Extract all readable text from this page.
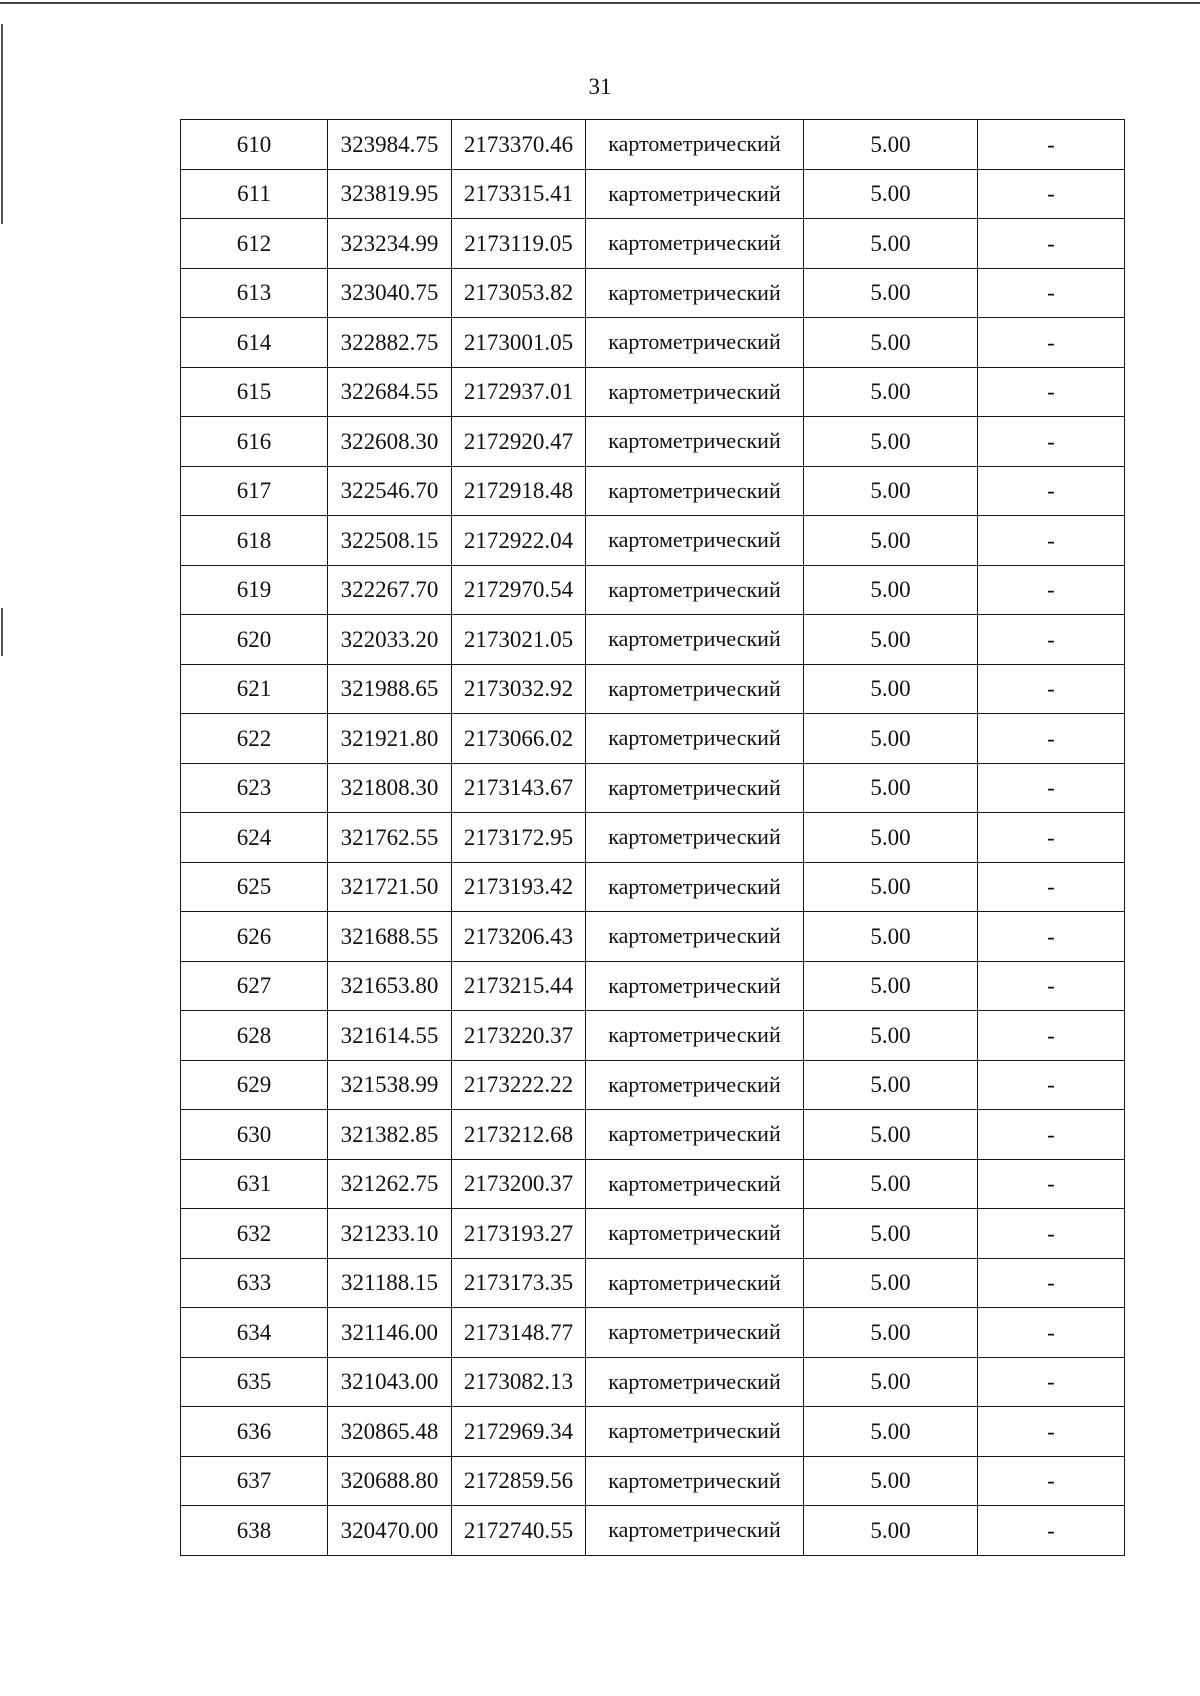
31
610	323984.75	2173370.46	картометрический	5.00	-
611	323819.95	2173315.41	картометрический	5.00	-
612	323234.99	2173119.05	картометрический	5.00	-
613	323040.75	2173053.82	картометрический	5.00	-
614	322882.75	2173001.05	картометрический	5.00	-
615	322684.55	2172937.01	картометрический	5.00	-
616	322608.30	2172920.47	картометрический	5.00	-
617	322546.70	2172918.48	картометрический	5.00	-
618	322508.15	2172922.04	картометрический	5.00	-
619	322267.70	2172970.54	картометрический	5.00	-
620	322033.20	2173021.05	картометрический	5.00	-
621	321988.65	2173032.92	картометрический	5.00	-
622	321921.80	2173066.02	картометрический	5.00	-
623	321808.30	2173143.67	картометрический	5.00	-
624	321762.55	2173172.95	картометрический	5.00	-
625	321721.50	2173193.42	картометрический	5.00	-
626	321688.55	2173206.43	картометрический	5.00	-
627	321653.80	2173215.44	картометрический	5.00	-
628	321614.55	2173220.37	картометрический	5.00	-
629	321538.99	2173222.22	картометрический	5.00	-
630	321382.85	2173212.68	картометрический	5.00	-
631	321262.75	2173200.37	картометрический	5.00	-
632	321233.10	2173193.27	картометрический	5.00	-
633	321188.15	2173173.35	картометрический	5.00	-
634	321146.00	2173148.77	картометрический	5.00	-
635	321043.00	2173082.13	картометрический	5.00	-
636	320865.48	2172969.34	картометрический	5.00	-
637	320688.80	2172859.56	картометрический	5.00	-
638	320470.00	2172740.55	картометрический	5.00	-
